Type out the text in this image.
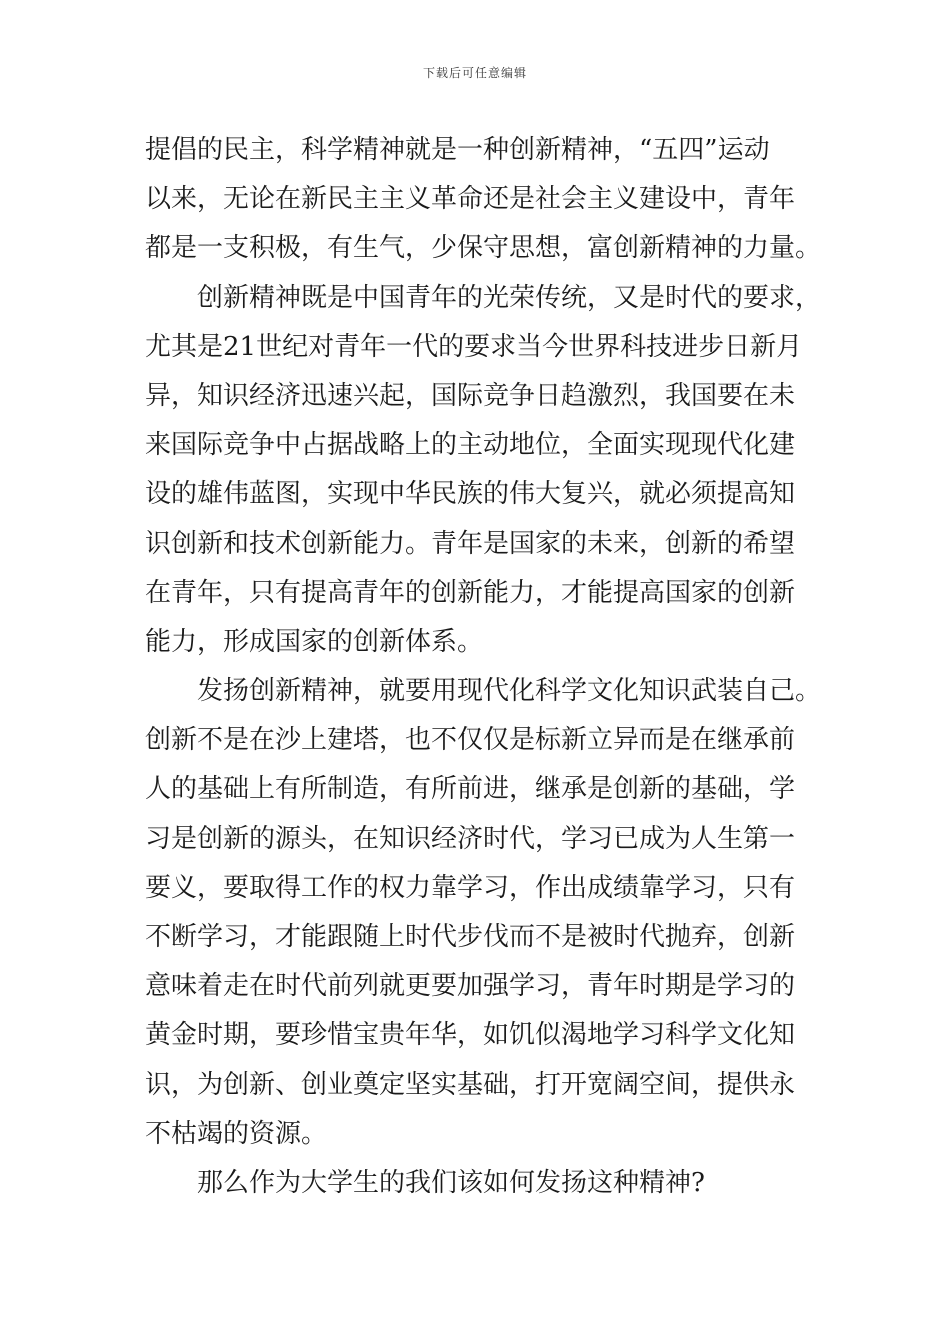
下载后可任意编辑
提倡的民主，科学精神就是一种创新精神，“五四”运动
以来，无论在新民主主义革命还是社会主义建设中，青年
都是一支积极，有生气，少保守思想，富创新精神的力量。
创新精神既是中国青年的光荣传统，又是时代的要求，
尤其是21世纪对青年一代的要求当今世界科技进步日新月
异，知识经济迅速兴起，国际竞争日趋激烈，我国要在未
来国际竞争中占据战略上的主动地位，全面实现现代化建
设的雄伟蓝图，实现中华民族的伟大复兴，就必须提高知
识创新和技术创新能力。青年是国家的未来，创新的希望
在青年，只有提高青年的创新能力，才能提高国家的创新
能力，形成国家的创新体系。
发扬创新精神，就要用现代化科学文化知识武装自己。
创新不是在沙上建塔，也不仅仅是标新立异而是在继承前
人的基础上有所制造，有所前进，继承是创新的基础，学
习是创新的源头，在知识经济时代，学习已成为人生第一
要义，要取得工作的权力靠学习，作出成绩靠学习，只有
不断学习，才能跟随上时代步伐而不是被时代抛弃，创新
意味着走在时代前列就更要加强学习，青年时期是学习的
黄金时期，要珍惜宝贵年华，如饥似渴地学习科学文化知
识，为创新、创业奠定坚实基础，打开宽阔空间，提供永
不枯竭的资源。
那么作为大学生的我们该如何发扬这种精神?
